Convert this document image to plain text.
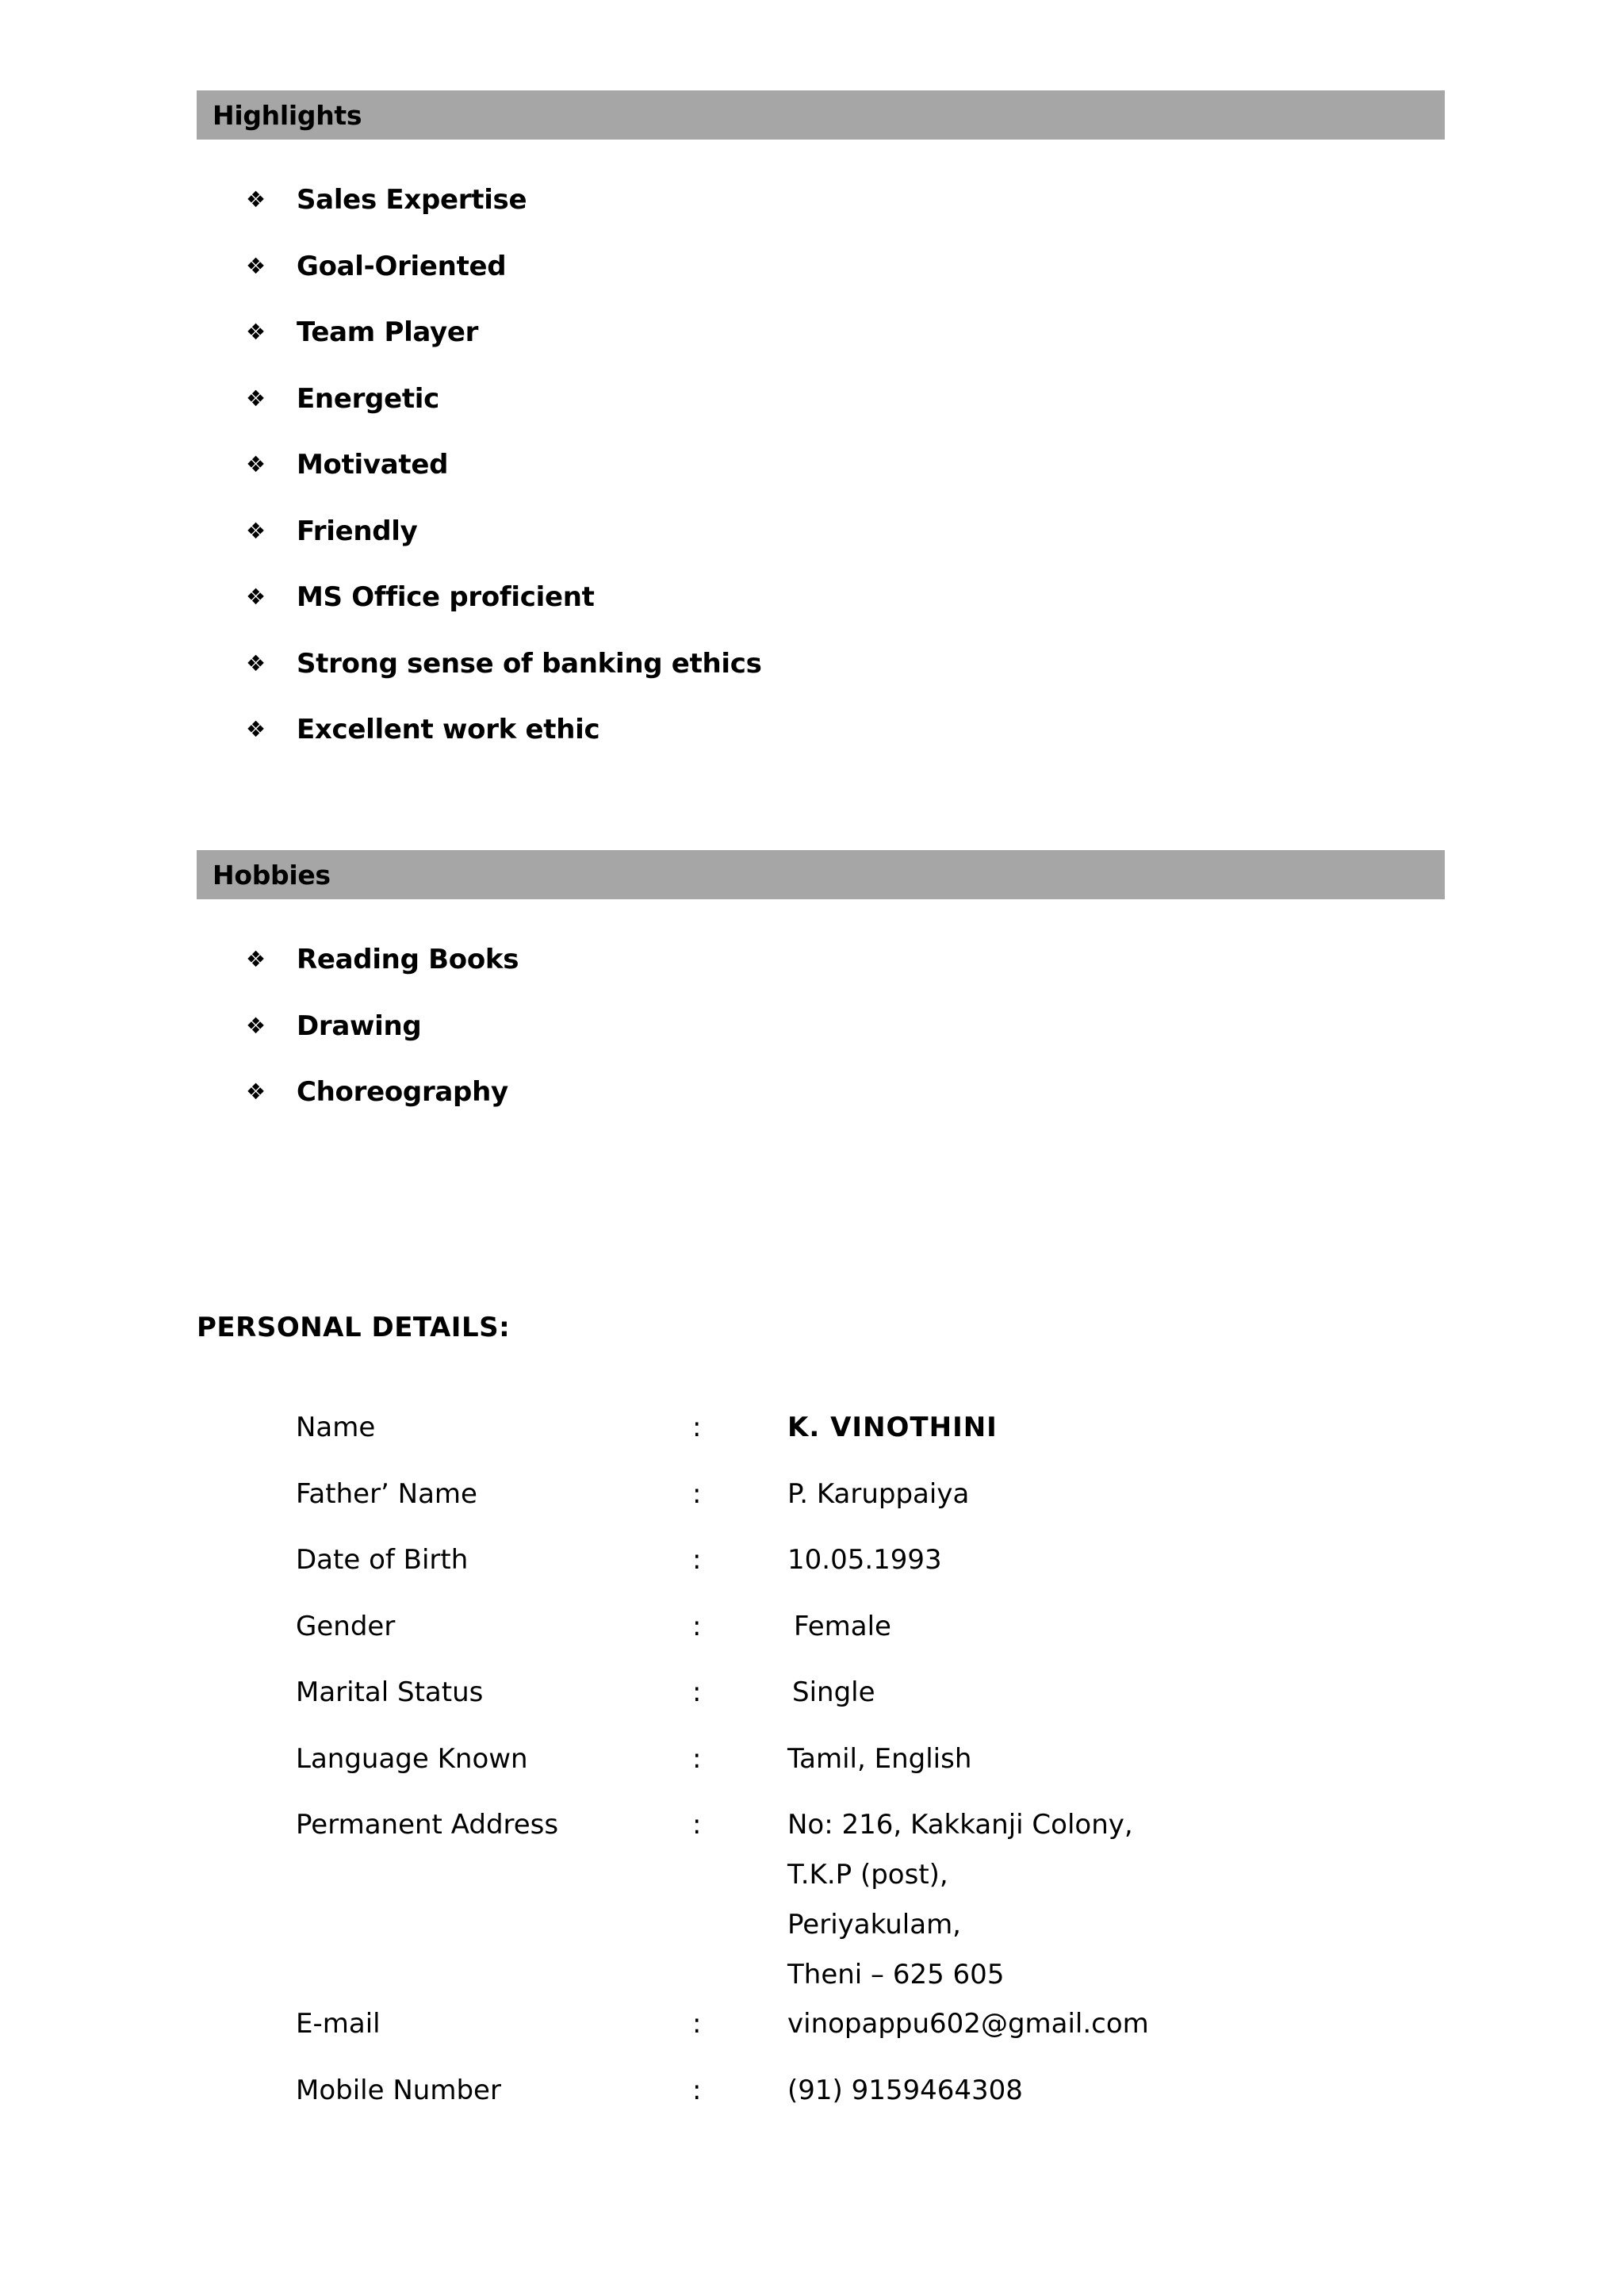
Highlights
❖	Sales Expertise
❖	Goal-Oriented
❖	Team Player
❖	Energetic
❖	Motivated
❖	Friendly
❖	MS Office proficient
❖	Strong sense of banking ethics
❖	Excellent work ethic
Hobbies
❖	Reading Books
❖	Drawing
❖	Choreography
PERSONAL DETAILS:
Name	:	K. VINOTHINI
Father’ Name	:	P. Karuppaiya
Date of Birth	:	10.05.1993
Gender	:	Female
Marital Status	:	Single
Language Known	:	Tamil, English
Permanent Address	:	No: 216, Kakkanji Colony,
T.K.P (post),
Periyakulam,
Theni – 625 605
E-mail	:	vinopappu602@gmail.com
Mobile Number	:	(91) 9159464308
